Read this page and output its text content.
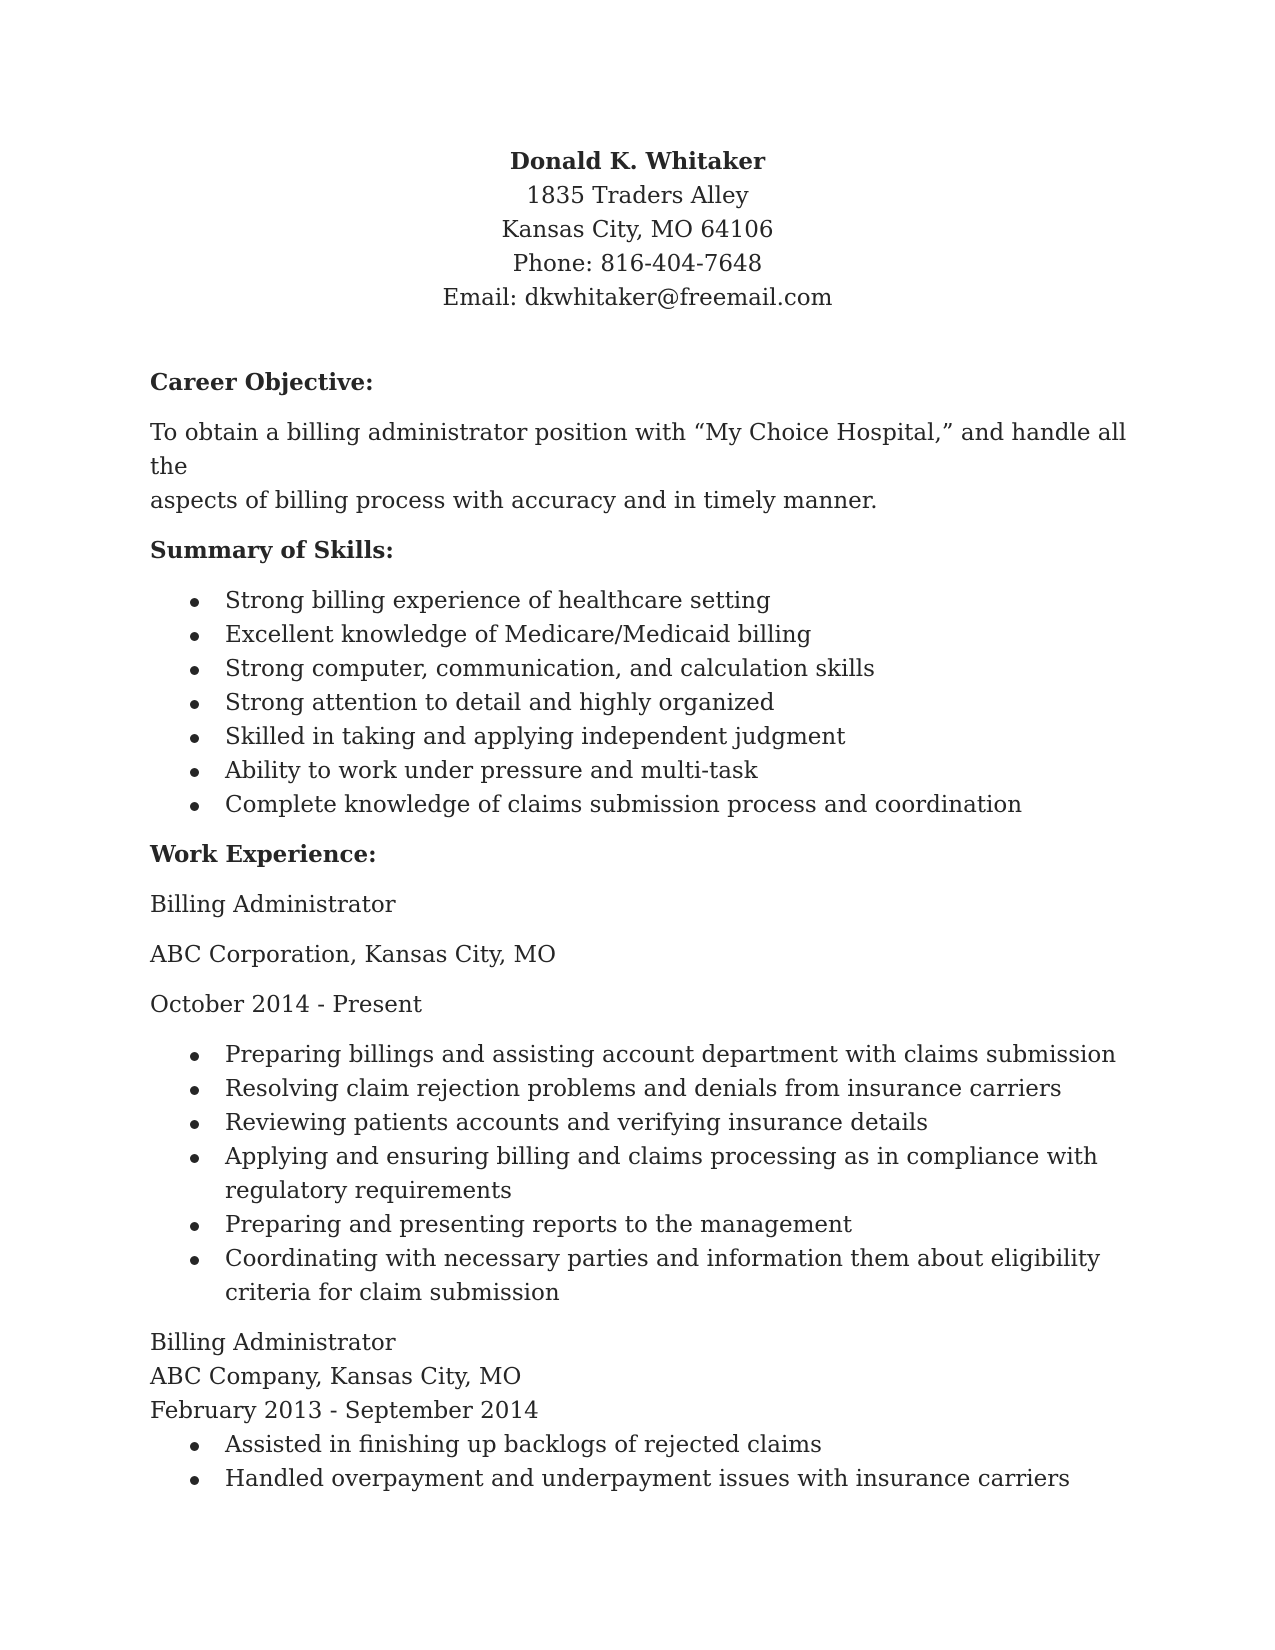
Donald K. Whitaker
1835 Traders Alley
Kansas City, MO 64106
Phone: 816-404-7648
Email: dkwhitaker@freemail.com
Career Objective:
To obtain a billing administrator position with “My Choice Hospital,” and handle all the
aspects of billing process with accuracy and in timely manner.
Summary of Skills:
Strong billing experience of healthcare setting
Excellent knowledge of Medicare/Medicaid billing
Strong computer, communication, and calculation skills
Strong attention to detail and highly organized
Skilled in taking and applying independent judgment
Ability to work under pressure and multi-task
Complete knowledge of claims submission process and coordination
Work Experience:
Billing Administrator
ABC Corporation, Kansas City, MO
October 2014 - Present
Preparing billings and assisting account department with claims submission
Resolving claim rejection problems and denials from insurance carriers
Reviewing patients accounts and verifying insurance details
Applying and ensuring billing and claims processing as in compliance with regulatory requirements
Preparing and presenting reports to the management
Coordinating with necessary parties and information them about eligibility criteria for claim submission
Billing Administrator
ABC Company, Kansas City, MO
February 2013 - September 2014
Assisted in finishing up backlogs of rejected claims
Handled overpayment and underpayment issues with insurance carriers
